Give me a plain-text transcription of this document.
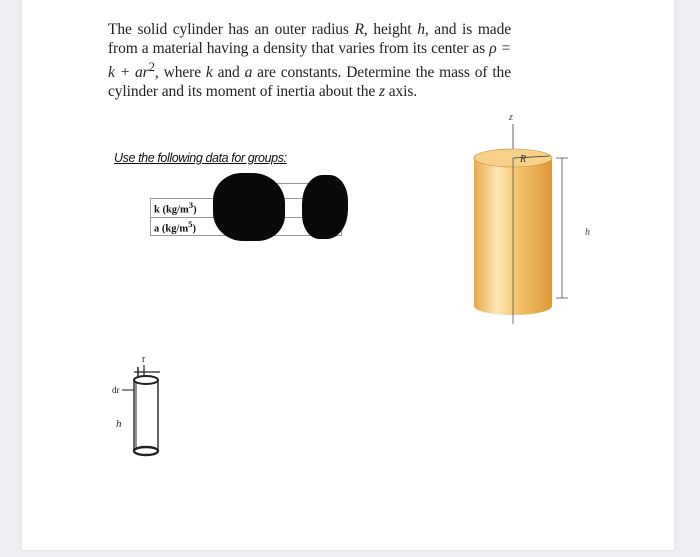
The solid cylinder has an outer radius R, height h, and is made from a material having a density that varies from its center as $\rho = k + ar^2$, where k and a are constants. Determine the mass of the cylinder and its moment of inertia about the z axis.

Use the following data for groups:

k $(kg/m^3)$		
a $(kg/m^5)$		
z
R
h
r
dr
h
